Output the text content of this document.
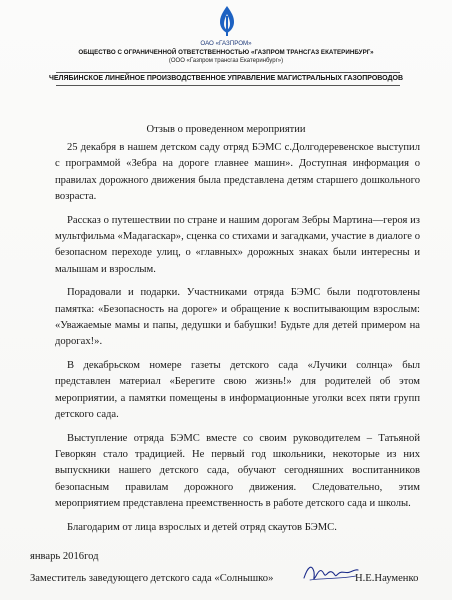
ОАО «ГАЗПРОМ»
ОБЩЕСТВО С ОГРАНИЧЕННОЙ ОТВЕТСТВЕННОСТЬЮ «ГАЗПРОМ ТРАНСГАЗ ЕКАТЕРИНБУРГ»
(ООО «Газпром трансгаз Екатеринбург»)
ЧЕЛЯБИНСКОЕ ЛИНЕЙНОЕ ПРОИЗВОДСТВЕННОЕ УПРАВЛЕНИЕ МАГИСТРАЛЬНЫХ ГАЗОПРОВОДОВ
Отзыв о проведенном мероприятии

25 декабря в нашем детском саду отряд БЭМС с.Долгодеревенское выступил с программой «Зебра на дороге главнее машин». Доступная информация о правилах дорожного движения была представлена детям старшего дошкольного возраста.

Рассказ о путешествии по стране и нашим дорогам Зебры Мартина—героя из мультфильма «Мадагаскар», сценка со стихами и загадками, участие в диалоге о безопасном переходе улиц, о «главных» дорожных знаках были интересны и малышам и взрослым.

Порадовали и подарки. Участниками отряда БЭМС были подготовлены памятка: «Безопасность на дороге» и обращение к воспитывающим взрослым: «Уважаемые мамы и папы, дедушки и бабушки! Будьте для детей примером на дорогах!».

В декабрьском номере газеты детского сада «Лучики солнца» был представлен материал «Берегите свою жизнь!» для родителей об этом мероприятии, а памятки помещены в информационные уголки всех пяти групп детского сада.

Выступление отряда БЭМС вместе со своим руководителем – Татьяной Геворкян стало традицией. Не первый год школьники, некоторые из них выпускники нашего детского сада, обучают сегодняшних воспитанников безопасным правилам дорожного движения. Следовательно, этим мероприятием представлена преемственность в работе детского сада и школы.

Благодарим от лица взрослых и детей отряд скаутов БЭМС.

январь 2016год
Заместитель заведующего детского сада «Солнышко»	Н.Е.Науменко
